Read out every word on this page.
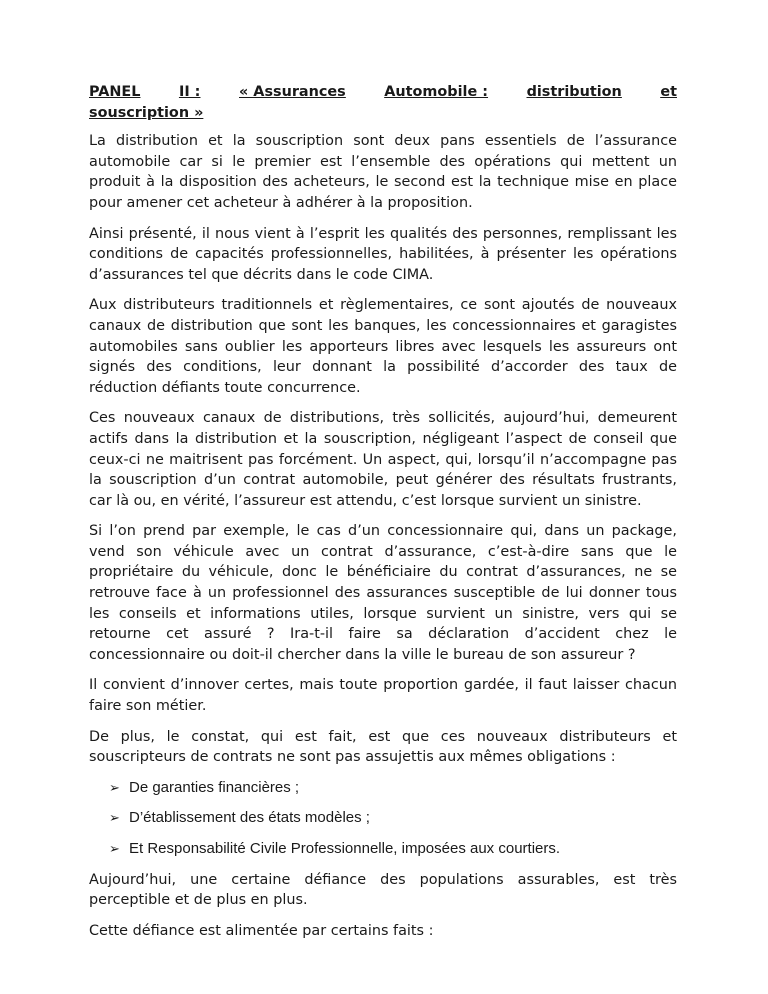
PANEL	II :	« Assurances	Automobile :	distribution	et
souscription »

La distribution et la souscription sont deux pans essentiels de l’assurance automobile car si le premier est l’ensemble des opérations qui mettent un produit à la disposition des acheteurs, le second est la technique mise en place pour amener cet acheteur à adhérer à la proposition.

Ainsi présenté, il nous vient à l’esprit les qualités des personnes, remplissant les conditions de capacités professionnelles, habilitées, à présenter les opérations d’assurances tel que décrits dans le code CIMA.

Aux distributeurs traditionnels et règlementaires, ce sont ajoutés de nouveaux canaux de distribution que sont les banques, les concessionnaires et garagistes automobiles sans oublier les apporteurs libres avec lesquels les assureurs ont signés des conditions, leur donnant la possibilité d’accorder des taux de réduction défiants toute concurrence.

Ces nouveaux canaux de distributions, très sollicités, aujourd’hui, demeurent actifs dans la distribution et la souscription, négligeant l’aspect de conseil que ceux-ci ne maitrisent pas forcément. Un aspect, qui, lorsqu’il n’accompagne pas la souscription d’un contrat automobile, peut générer des résultats frustrants, car là ou, en vérité, l’assureur est attendu, c’est lorsque survient un sinistre.

Si l’on prend par exemple, le cas d’un concessionnaire qui, dans un package, vend son véhicule avec un contrat d’assurance, c’est-à-dire sans que le propriétaire du véhicule, donc le bénéficiaire du contrat d’assurances, ne se retrouve face à un professionnel des assurances susceptible de lui donner tous les conseils et informations utiles, lorsque survient un sinistre, vers qui se retourne cet assuré ? Ira-t-il faire sa déclaration d’accident chez le concessionnaire ou doit-il chercher dans la ville le bureau de son assureur ?

Il convient d’innover certes, mais toute proportion gardée, il faut laisser chacun faire son métier.

De plus, le constat, qui est fait, est que ces nouveaux distributeurs et souscripteurs de contrats ne sont pas assujettis aux mêmes obligations :

➢ De garanties financières ;
➢ D’établissement des états modèles ;
➢ Et Responsabilité Civile Professionnelle, imposées aux courtiers.

Aujourd’hui, une certaine défiance des populations assurables, est très perceptible et de plus en plus.

Cette défiance est alimentée par certains faits :
